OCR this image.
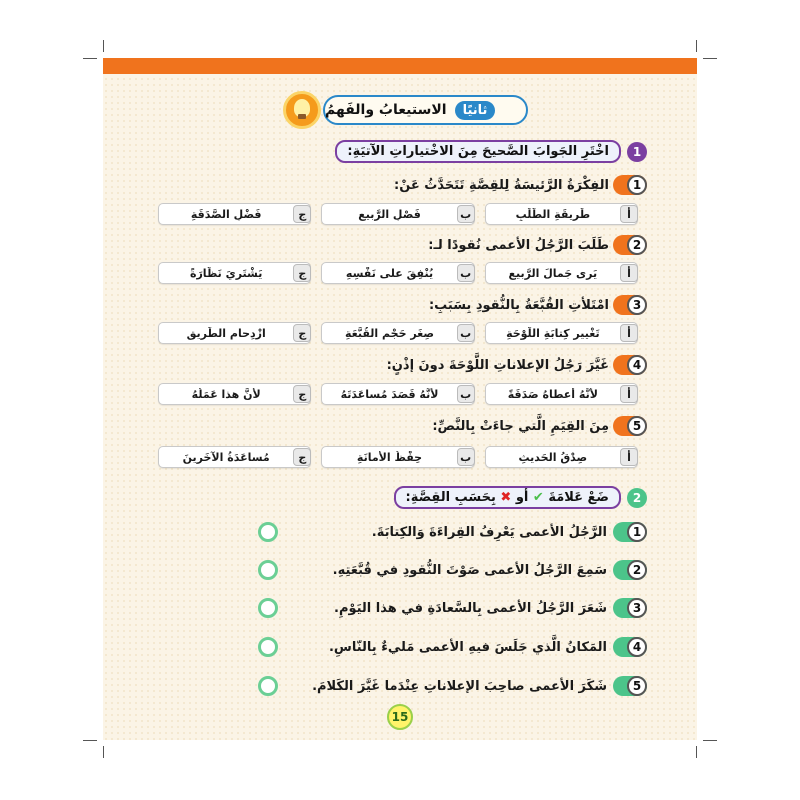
ثانيًا
الاستيعابُ والفَهمُ
1
اخْتَرِ الجَوابَ الصَّحيحَ مِنَ الاخْتياراتِ الآتيَةِ:
1
الفِكْرَةُ الرَّئيسَةُ لِلقِصَّةِ تَتَحَدَّثُ عَنْ:
أ
طَريقَةِ الطَّلَبِ
ب
فَصْلِ الرَّبيعِ
ج
فَضْلِ الصَّدَقَةِ
2
طَلَبَ الرَّجُلُ الأعمى نُقودًا لـ:
أ
يَرى جَمالَ الرَّبيعِ
ب
يُنْفِقَ على نَفْسِهِ
ج
يَشْتَرِيَ نَظّارَةً
3
امْتَلأتِ القُبَّعَةُ بِالنُّقودِ بِسَبَبِ:
أ
تَغْييرِ كِتابَةِ اللَّوْحَةِ
ب
صِغَرِ حَجْمِ القُبَّعَةِ
ج
ازْدِحامِ الطَّريقِ
4
غَيَّرَ رَجُلُ الإعلاناتِ اللَّوْحَةَ دونَ إذْنٍ:
أ
لأنَّهُ أعطاهُ صَدَقَةً
ب
لأنَّهُ قَصَدَ مُساعَدَتَهُ
ج
لأنَّ هذا عَمَلُهُ
5
مِنَ القِيَمِ الَّتي جاءَتْ بِالنَّصِّ:
أ
صِدْقُ الحَديثِ
ب
حِفْظُ الأمانَةِ
ج
مُساعَدَةُ الآخَرينَ
2
ضَعْ عَلامَةَ ✔ أو ✖ بِحَسَبِ القِصَّةِ:
1
الرَّجُلُ الأعمى يَعْرِفُ القِراءَةَ وَالكِتابَةَ.
2
سَمِعَ الرَّجُلُ الأعمى صَوْتَ النُّقودِ في قُبَّعَتِهِ.
3
شَعَرَ الرَّجُلُ الأعمى بِالسَّعادَةِ في هذا اليَوْمِ.
4
المَكانُ الَّذي جَلَسَ فيهِ الأعمى مَليءٌ بِالنّاسِ.
5
شَكَرَ الأعمى صاحِبَ الإعلاناتِ عِنْدَما غَيَّرَ الكَلامَ.
15
